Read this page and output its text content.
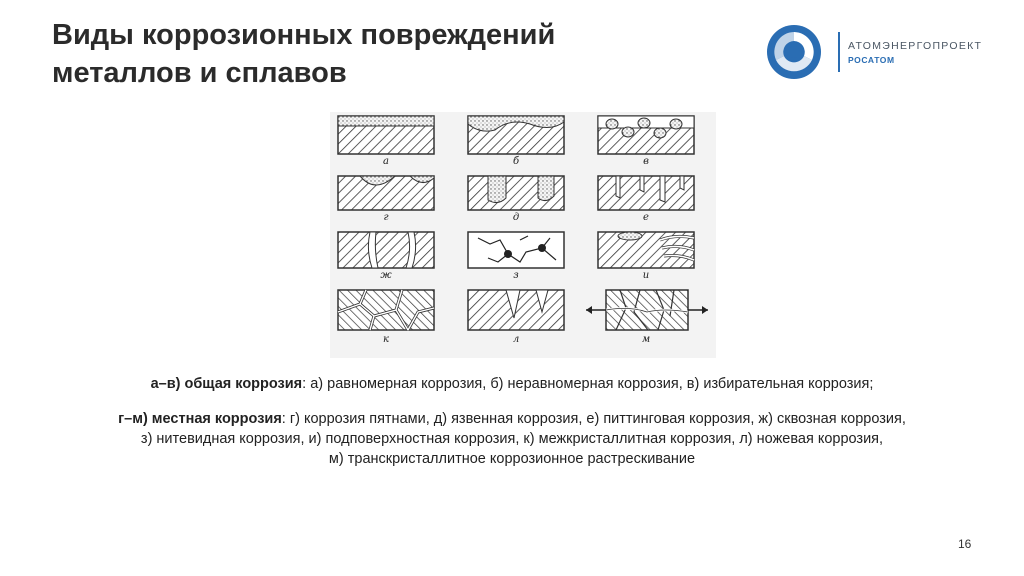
Виды коррозионных повреждений
металлов и сплавов
АТОМЭНЕРГОПРОЕКТ
РОСАТОМ
а	б	в
г	д	е
ж	з	и
к	л	м
а–в) общая коррозия: а) равномерная коррозия, б) неравномерная коррозия, в) избирательная коррозия;
г–м) местная коррозия: г) коррозия пятнами, д) язвенная коррозия, е) питтинговая коррозия, ж) сквозная коррозия,
з) нитевидная коррозия, и) подповерхностная коррозия, к) межкристаллитная коррозия, л) ножевая коррозия,
м) транскристаллитное коррозионное растрескивание
16
